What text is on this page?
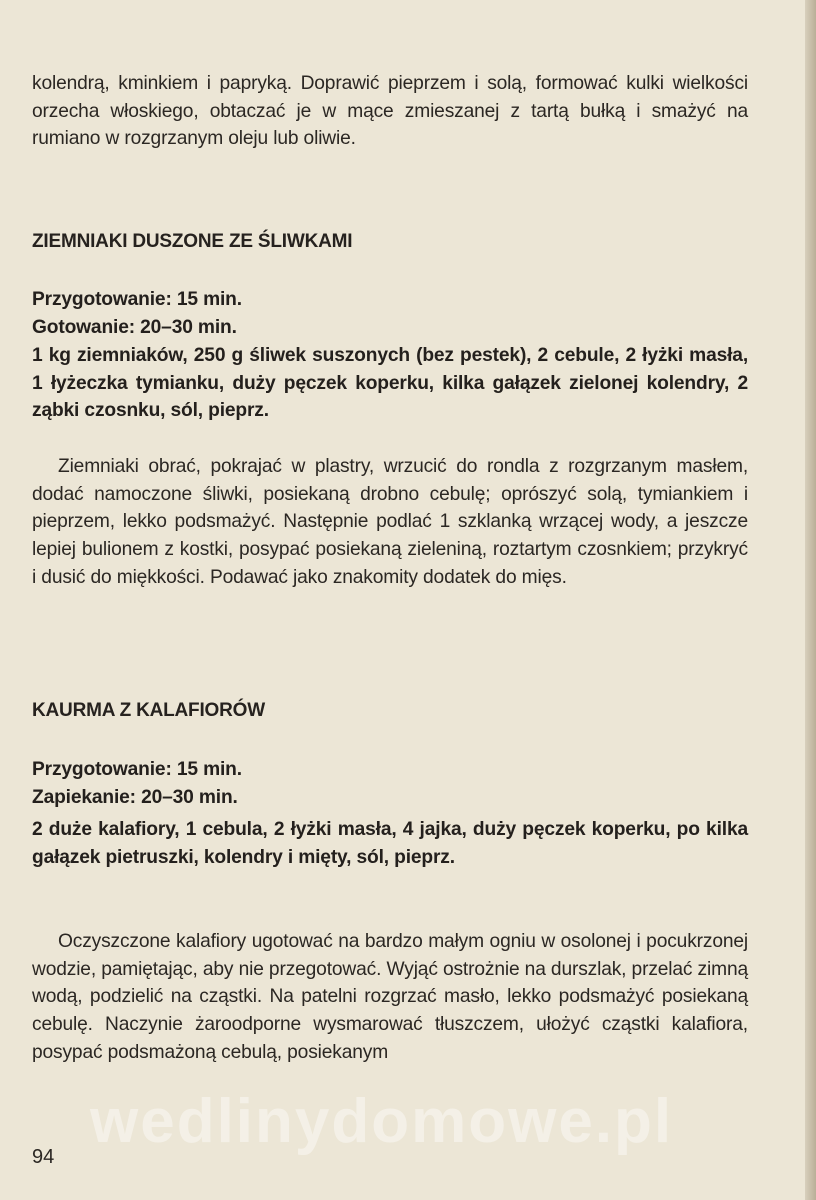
kolendrą, kminkiem i papryką. Doprawić pieprzem i solą, formować kulki wielkości orzecha włoskiego, obtaczać je w mące zmieszanej z tartą bułką i smażyć na rumiano w rozgrzanym oleju lub oliwie.

ZIEMNIAKI DUSZONE ZE ŚLIWKAMI

Przygotowanie: 15 min.

Gotowanie: 20–30 min.

1 kg ziemniaków, 250 g śliwek suszonych (bez pestek), 2 cebule, 2 łyżki masła, 1 łyżeczka tymianku, duży pęczek koperku, kilka gałązek zielonej kolendry, 2 ząbki czosnku, sól, pieprz.

Ziemniaki obrać, pokrajać w plastry, wrzucić do rondla z rozgrzanym masłem, dodać namoczone śliwki, posiekaną drobno cebulę; oprószyć solą, tymiankiem i pieprzem, lekko podsmażyć. Następnie podlać 1 szklanką wrzącej wody, a jeszcze lepiej bulionem z kostki, posypać posiekaną zieleniną, roztartym czosnkiem; przykryć i dusić do miękkości. Podawać jako znakomity dodatek do mięs.

KAURMA Z KALAFIORÓW

Przygotowanie: 15 min.

Zapiekanie: 20–30 min.

2 duże kalafiory, 1 cebula, 2 łyżki masła, 4 jajka, duży pęczek koperku, po kilka gałązek pietruszki, kolendry i mięty, sól, pieprz.

Oczyszczone kalafiory ugotować na bardzo małym ogniu w osolonej i pocukrzonej wodzie, pamiętając, aby nie przegotować. Wyjąć ostrożnie na durszlak, przelać zimną wodą, podzielić na cząstki. Na patelni rozgrzać masło, lekko podsmażyć posiekaną cebulę. Naczynie żaroodporne wysmarować tłuszczem, ułożyć cząstki kalafiora, posypać podsmażoną cebulą, posiekanym

wedlinydomowe.pl
94
